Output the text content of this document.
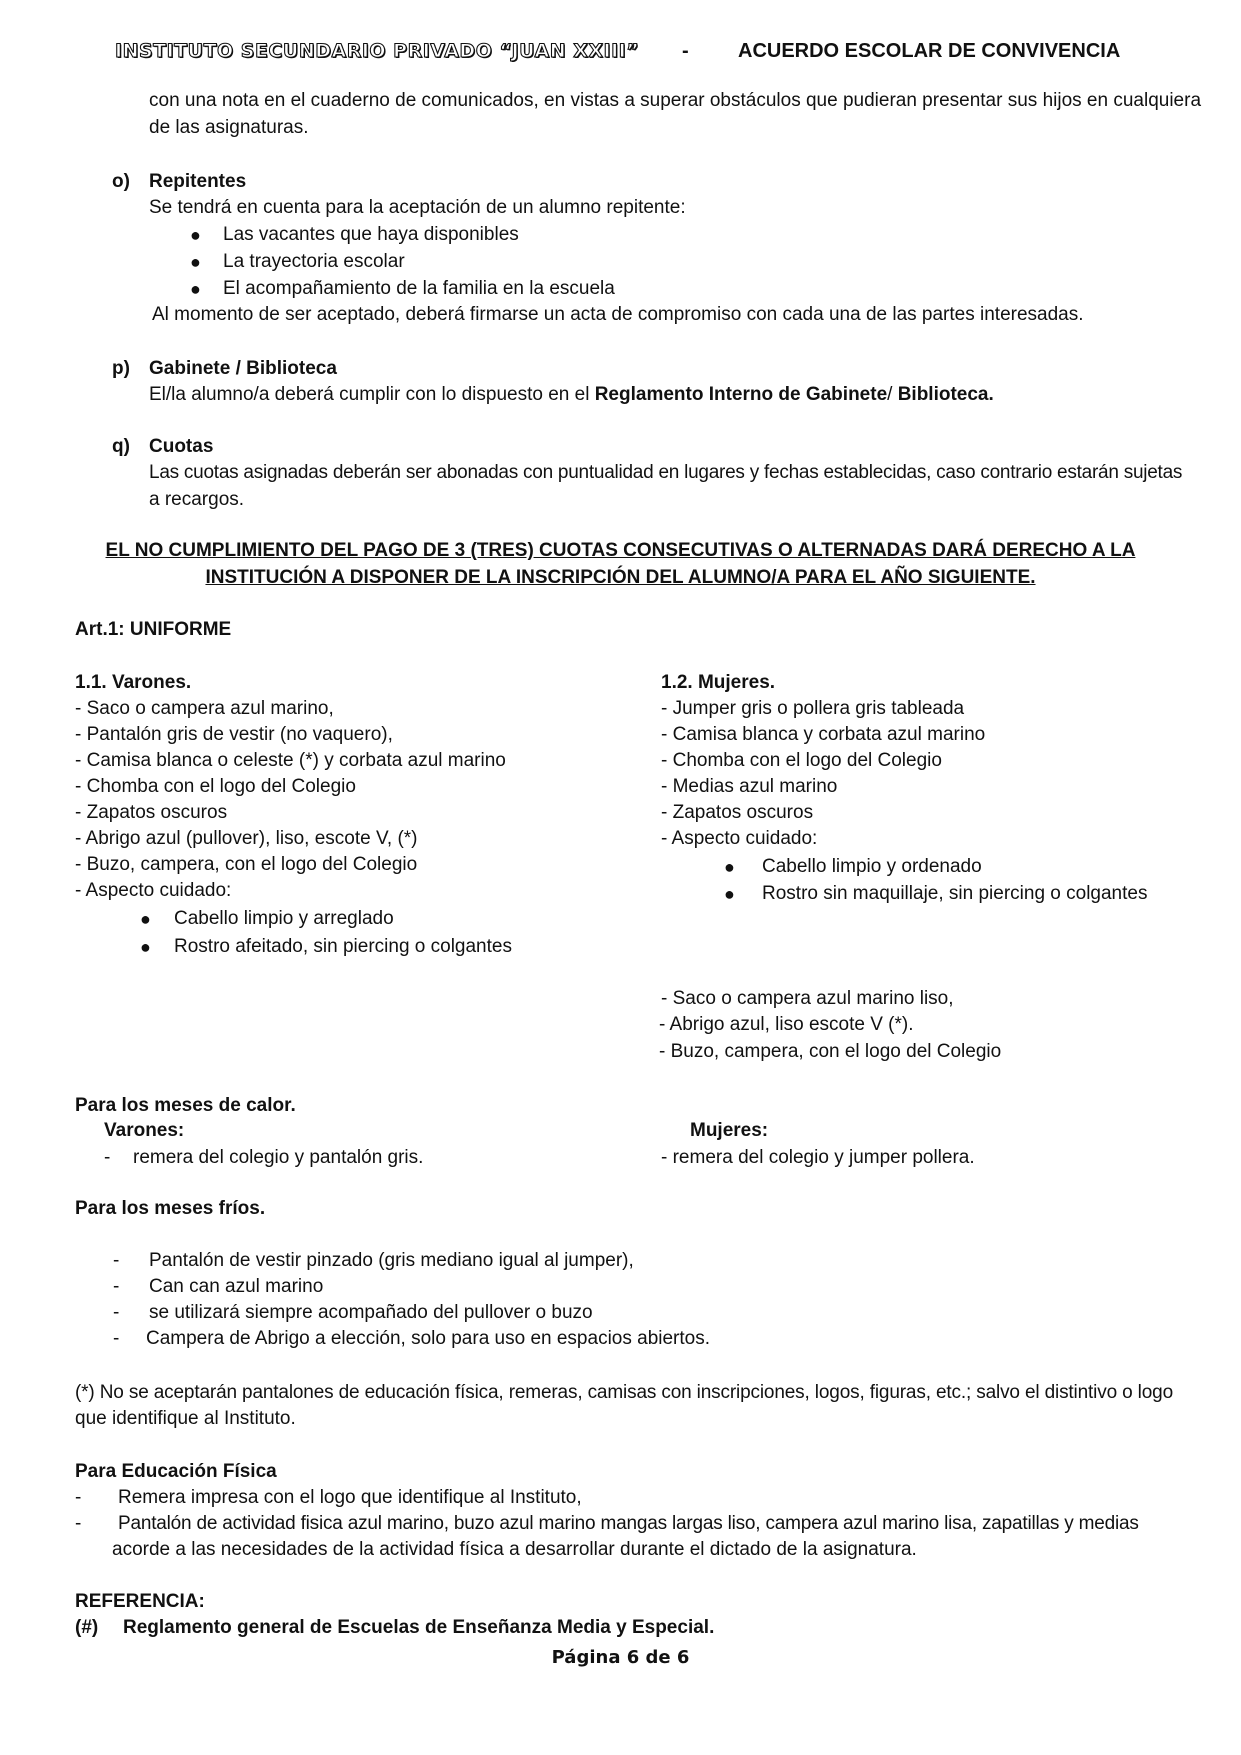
INSTITUTO SECUNDARIO PRIVADO “JUAN XXIII” - ACUERDO ESCOLAR DE CONVIVENCIA
con una nota en el cuaderno de comunicados, en vistas a superar obstáculos que pudieran presentar sus hijos en cualquiera
de las asignaturas.
o) Repitentes
Se tendrá en cuenta para la aceptación de un alumno repitente:
● Las vacantes que haya disponibles
● La trayectoria escolar
● El acompañamiento de la familia en la escuela
Al momento de ser aceptado, deberá firmarse un acta de compromiso con cada una de las partes interesadas.
p) Gabinete / Biblioteca
El/la alumno/a deberá cumplir con lo dispuesto en el Reglamento Interno de Gabinete/ Biblioteca.
q) Cuotas
Las cuotas asignadas deberán ser abonadas con puntualidad en lugares y fechas establecidas, caso contrario estarán sujetas
a recargos.
EL NO CUMPLIMIENTO DEL PAGO DE 3 (TRES) CUOTAS CONSECUTIVAS O ALTERNADAS DARÁ DERECHO A LA
INSTITUCIÓN A DISPONER DE LA INSCRIPCIÓN DEL ALUMNO/A PARA EL AÑO SIGUIENTE.
Art.1: UNIFORME
1.1. Varones.
- Saco o campera azul marino,
- Pantalón gris de vestir (no vaquero),
- Camisa blanca o celeste (*) y corbata azul marino
- Chomba con el logo del Colegio
- Zapatos oscuros
- Abrigo azul (pullover), liso, escote V, (*)
- Buzo, campera, con el logo del Colegio
- Aspecto cuidado:
● Cabello limpio y arreglado
● Rostro afeitado, sin piercing o colgantes
1.2. Mujeres.
- Jumper gris o pollera gris tableada
- Camisa blanca y corbata azul marino
- Chomba con el logo del Colegio
- Medias azul marino
- Zapatos oscuros
- Aspecto cuidado:
● Cabello limpio y ordenado
● Rostro sin maquillaje, sin piercing o colgantes
- Saco o campera azul marino liso,
- Abrigo azul, liso escote V (*).
- Buzo, campera, con el logo del Colegio
Para los meses de calor.
Varones:
- remera del colegio y pantalón gris.
Mujeres:
- remera del colegio y jumper pollera.
Para los meses fríos.
- Pantalón de vestir pinzado (gris mediano igual al jumper),
- Can can azul marino
- se utilizará siempre acompañado del pullover o buzo
- Campera de Abrigo a elección, solo para uso en espacios abiertos.
(*) No se aceptarán pantalones de educación física, remeras, camisas con inscripciones, logos, figuras, etc.; salvo el distintivo o logo
que identifique al Instituto.
Para Educación Física
- Remera impresa con el logo que identifique al Instituto,
- Pantalón de actividad fisica azul marino, buzo azul marino mangas largas liso, campera azul marino lisa, zapatillas y medias
acorde a las necesidades de la actividad física a desarrollar durante el dictado de la asignatura.
REFERENCIA:
(#) Reglamento general de Escuelas de Enseñanza Media y Especial.
Página 6 de 6
